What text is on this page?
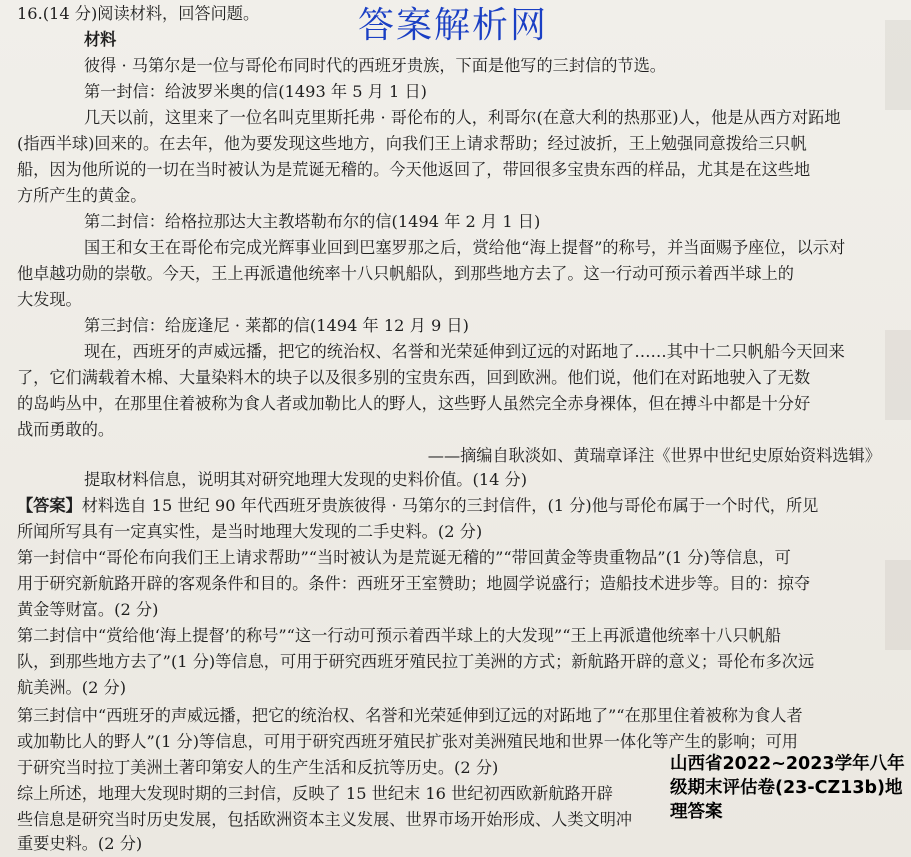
答案解析网
16.(14 分)阅读材料，回答问题。
材料
彼得 · 马第尔是一位与哥伦布同时代的西班牙贵族，下面是他写的三封信的节选。
第一封信：给波罗米奥的信(1493 年 5 月 1 日)
几天以前，这里来了一位名叫克里斯托弗 · 哥伦布的人，利哥尔(在意大利的热那亚)人，他是从西方对跖地
(指西半球)回来的。在去年，他为要发现这些地方，向我们王上请求帮助；经过波折，王上勉强同意拨给三只帆
船，因为他所说的一切在当时被认为是荒诞无稽的。今天他返回了，带回很多宝贵东西的样品，尤其是在这些地
方所产生的黄金。
第二封信：给格拉那达大主教塔勒布尔的信(1494 年 2 月 1 日)
国王和女王在哥伦布完成光辉事业回到巴塞罗那之后，赏给他“海上提督”的称号，并当面赐予座位，以示对
他卓越功勋的崇敬。今天，王上再派遣他统率十八只帆船队，到那些地方去了。这一行动可预示着西半球上的
大发现。
第三封信：给庞逢尼 · 莱都的信(1494 年 12 月 9 日)
现在，西班牙的声威远播，把它的统治权、名誉和光荣延伸到辽远的对跖地了……其中十二只帆船今天回来
了，它们满载着木棉、大量染料木的块子以及很多别的宝贵东西，回到欧洲。他们说，他们在对跖地驶入了无数
的岛屿丛中，在那里住着被称为食人者或加勒比人的野人，这些野人虽然完全赤身裸体，但在搏斗中都是十分好
战而勇敢的。
——摘编自耿淡如、黄瑞章译注《世界中世纪史原始资料选辑》
提取材料信息，说明其对研究地理大发现的史料价值。(14 分)
【答案】材料选自 15 世纪 90 年代西班牙贵族彼得 · 马第尔的三封信件，(1 分)他与哥伦布属于一个时代，所见
所闻所写具有一定真实性，是当时地理大发现的二手史料。(2 分)
第一封信中“哥伦布向我们王上请求帮助”“当时被认为是荒诞无稽的”“带回黄金等贵重物品”(1 分)等信息，可
用于研究新航路开辟的客观条件和目的。条件：西班牙王室赞助；地圆学说盛行；造船技术进步等。目的：掠夺
黄金等财富。(2 分)
第二封信中“赏给他‘海上提督’的称号”“这一行动可预示着西半球上的大发现”“王上再派遣他统率十八只帆船
队，到那些地方去了”(1 分)等信息，可用于研究西班牙殖民拉丁美洲的方式；新航路开辟的意义；哥伦布多次远
航美洲。(2 分)
第三封信中“西班牙的声威远播，把它的统治权、名誉和光荣延伸到辽远的对跖地了”“在那里住着被称为食人者
或加勒比人的野人”(1 分)等信息，可用于研究西班牙殖民扩张对美洲殖民地和世界一体化等产生的影响；可用
于研究当时拉丁美洲土著印第安人的生产生活和反抗等历史。(2 分)
综上所述，地理大发现时期的三封信，反映了 15 世纪末 16 世纪初西欧新航路开辟
些信息是研究当时历史发展，包括欧洲资本主义发展、世界市场开始形成、人类文明冲
重要史料。(2 分)
山西省2022~2023学年八年级期末评估卷(23-CZ13b)地理答案
